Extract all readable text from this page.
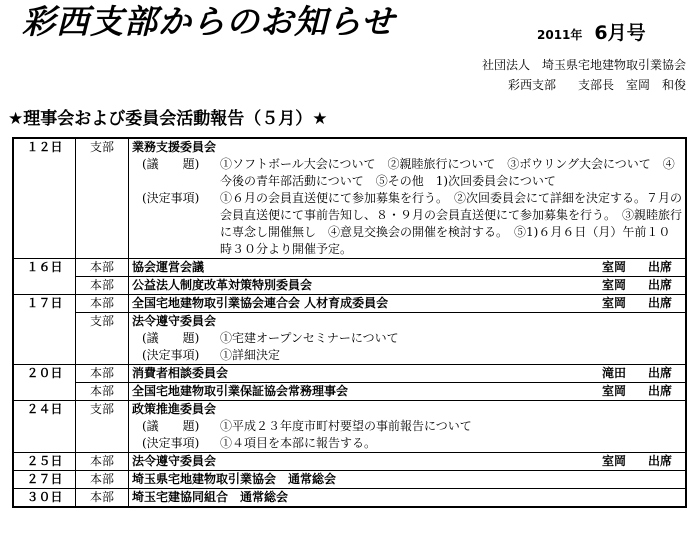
彩西支部からのお知らせ	2011年 6月号
社団法人　埼玉県宅地建物取引業協会
彩西支部 支部長　 室岡　和俊
★理事会および委員会活動報告（５月）★
１２日	支部	業務支援委員会
(議　　題) ①ソフトボール大会について　②親睦旅行について　③ボウリング大会について　④今後の青年部活動について　⑤その他　1)次回委員会について
(決定事項) ①６月の会員直送便にて参加募集を行う。　②次回委員会にて詳細を決定する。７月の会員直送便にて事前告知し、８・９月の会員直送便にて参加募集を行う。　③親睦旅行に専念し開催無し　④意見交換会の開催を検討する。　⑤1)６月６日（月）午前１０時３０分より開催予定。

１６日	本部	協会運営会議 室岡 出席

	本部	公益法人制度改革対策特別委員会 室岡 出席

１７日	本部	全国宅地建物取引業協会連合会 人材育成委員会 室岡 出席

	支部	法令遵守委員会
(議　　題) ①宅建オープンセミナーについて
(決定事項) ①詳細決定

２０日	本部	消費者相談委員会 滝田 出席

	本部	全国宅地建物取引業保証協会常務理事会 室岡 出席

２４日	支部	政策推進委員会
(議　　題) ①平成２３年度市町村要望の事前報告について
(決定事項) ①４項目を本部に報告する。

２５日	本部	法令遵守委員会 室岡 出席

２７日	本部	埼玉県宅地建物取引業協会　通常総会

３０日	本部	埼玉宅建協同組合　通常総会
